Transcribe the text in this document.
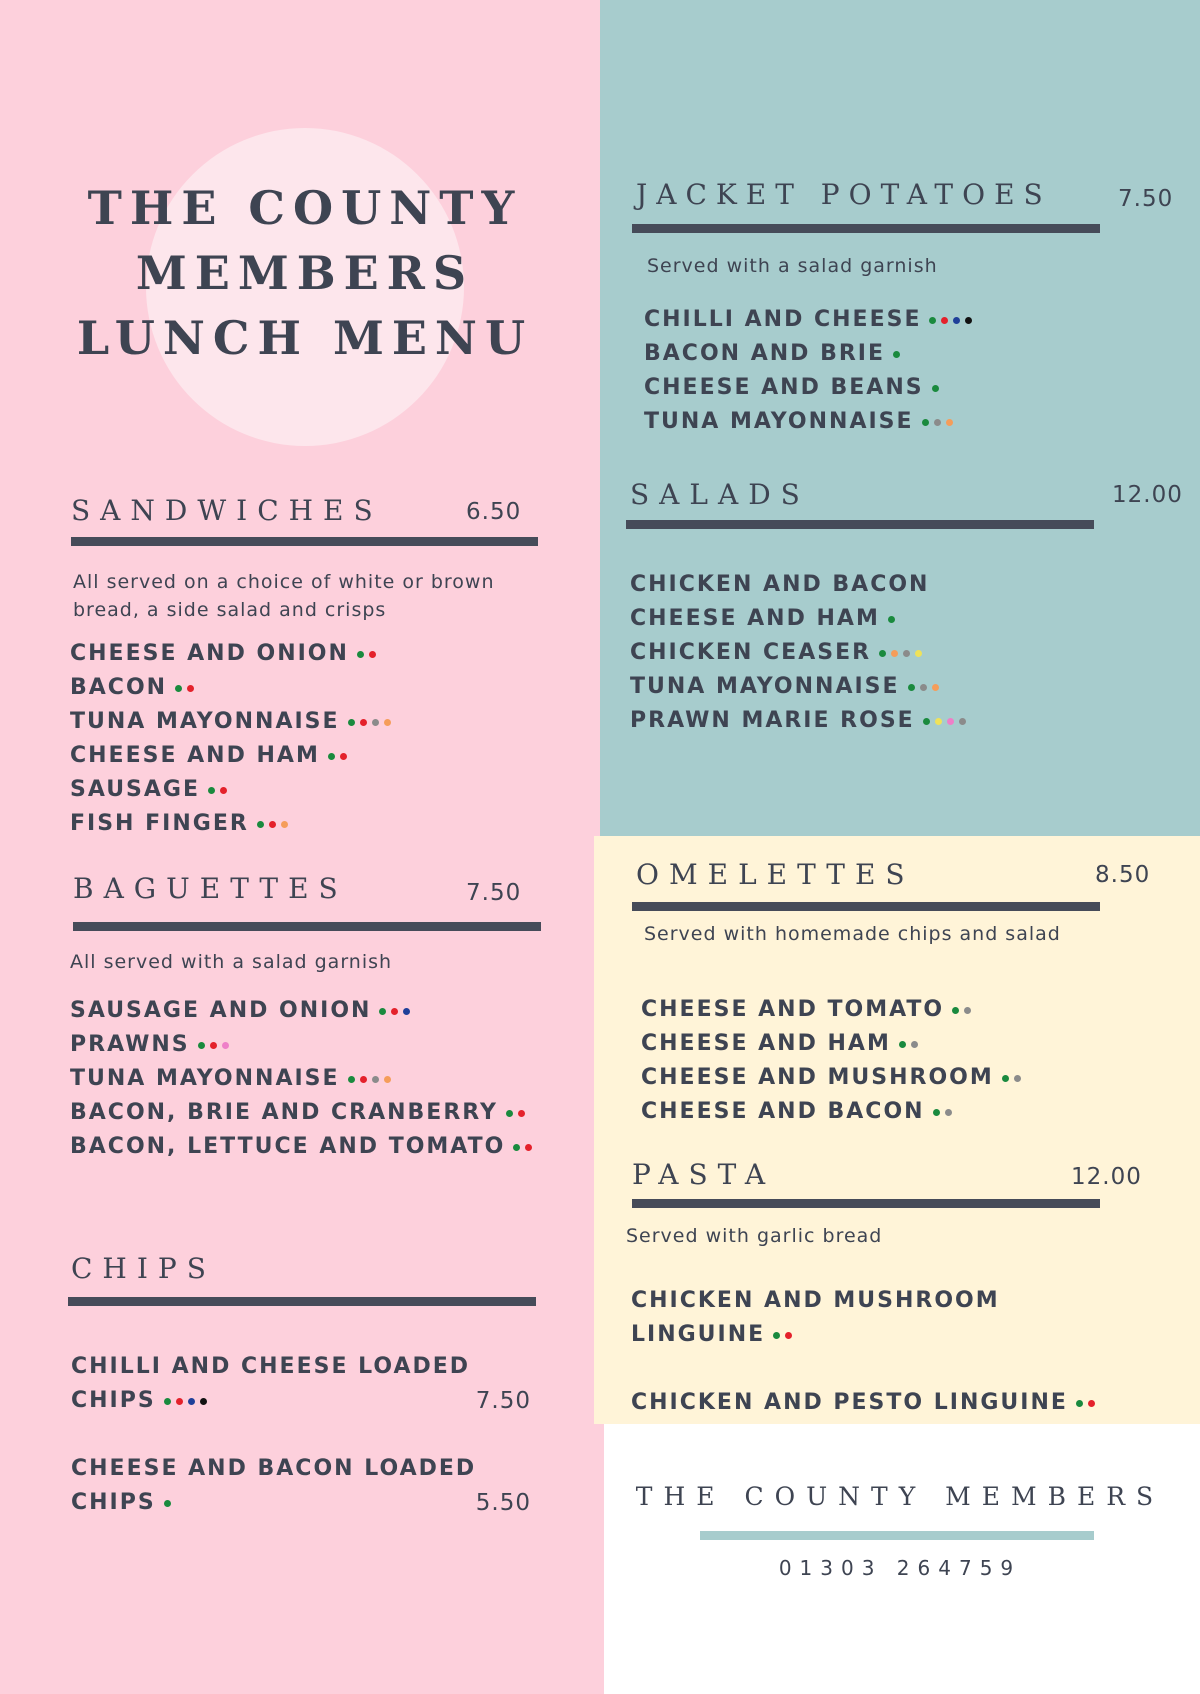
THE COUNTY
MEMBERS
LUNCH MENU
SANDWICHES	6.50

All served on a choice of white or brown bread, a side salad and crisps

CHEESE AND ONION
BACON
TUNA MAYONNAISE
CHEESE AND HAM
SAUSAGE
FISH FINGER
BAGUETTES	7.50

All served with a salad garnish

SAUSAGE AND ONION
PRAWNS
TUNA MAYONNAISE
BACON, BRIE AND CRANBERRY
BACON, LETTUCE AND TOMATO
CHIPS
CHILLI AND CHEESE LOADED
CHIPS	7.50
CHEESE AND BACON LOADED
CHIPS	5.50
JACKET POTATOES	7.50

Served with a salad garnish

CHILLI AND CHEESE
BACON AND BRIE
CHEESE AND BEANS
TUNA MAYONNAISE
SALADS	12.00
CHICKEN AND BACON
CHEESE AND HAM
CHICKEN CEASER
TUNA MAYONNAISE
PRAWN MARIE ROSE
OMELETTES	8.50

Served with homemade chips and salad

CHEESE AND TOMATO
CHEESE AND HAM
CHEESE AND MUSHROOM
CHEESE AND BACON
PASTA	12.00

Served with garlic bread

CHICKEN AND MUSHROOM
LINGUINE
CHICKEN AND PESTO LINGUINE
THE COUNTY MEMBERS
01303 264759
